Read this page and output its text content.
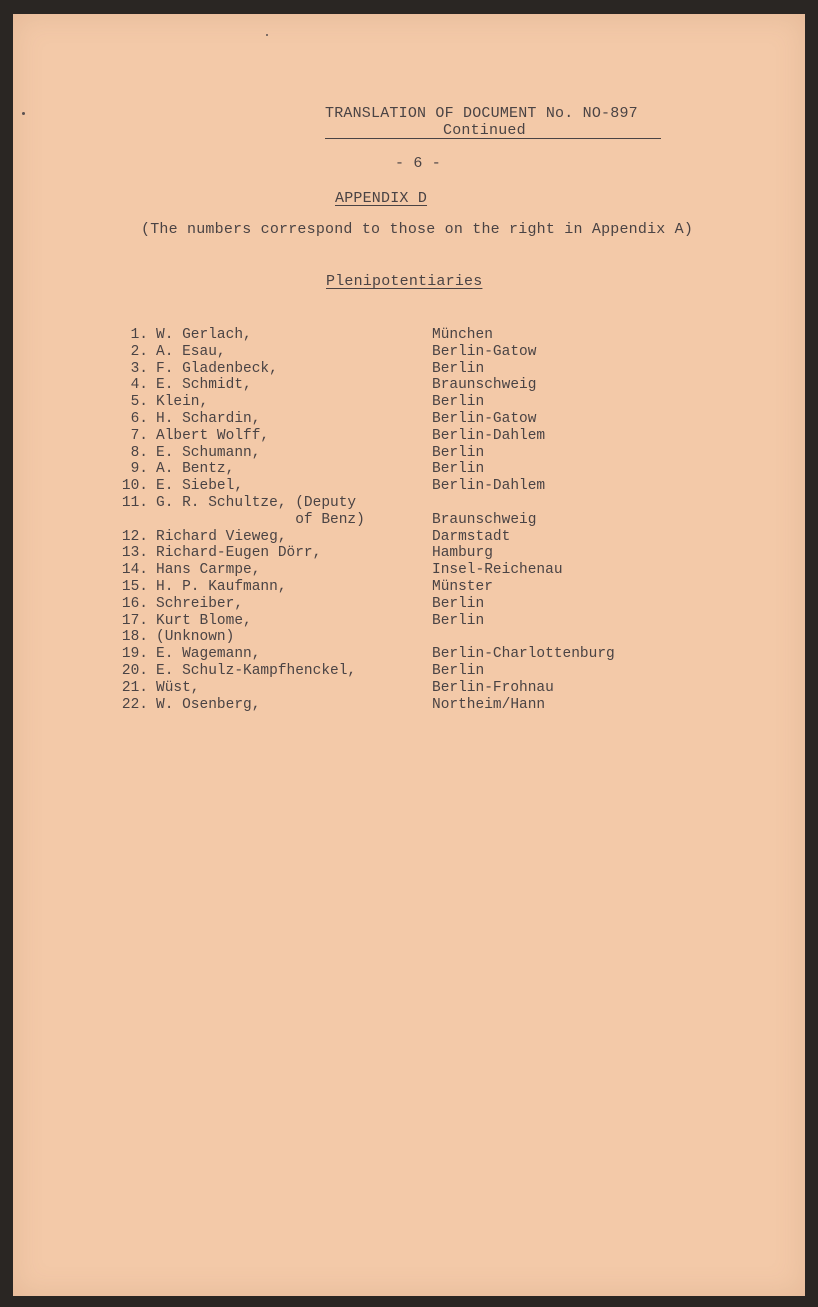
TRANSLATION OF DOCUMENT No. NO-897
Continued
- 6 -
APPENDIX D
(The numbers correspond to those on the right in Appendix A)
Plenipotentiaries
1. W. Gerlach,	München
2. A. Esau,	Berlin-Gatow
3. F. Gladenbeck,	Berlin
4. E. Schmidt,	Braunschweig
5. Klein,	Berlin
6. H. Schardin,	Berlin-Gatow
7. Albert Wolff,	Berlin-Dahlem
8. E. Schumann,	Berlin
9. A. Bentz,	Berlin
10. E. Siebel,	Berlin-Dahlem
11. G. R. Schultze, (Deputy
of Benz)	Braunschweig
12. Richard Vieweg,	Darmstadt
13. Richard-Eugen Dörr,	Hamburg
14. Hans Carmpe,	Insel-Reichenau
15. H. P. Kaufmann,	Münster
16. Schreiber,	Berlin
17. Kurt Blome,	Berlin
18. (Unknown)
19. E. Wagemann,	Berlin-Charlottenburg
20. E. Schulz-Kampfhenckel,	Berlin
21. Wüst,	Berlin-Frohnau
22. W. Osenberg,	Northeim/Hann
